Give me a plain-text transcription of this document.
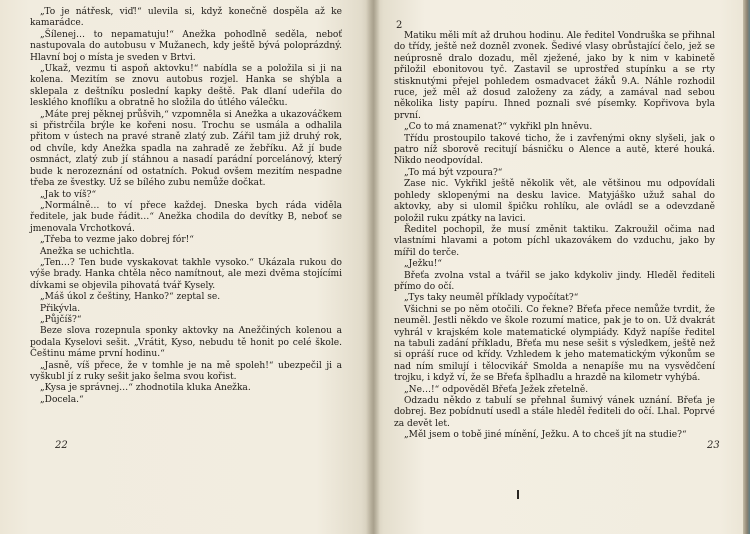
„To je nátřesk, viď!“ ulevila si, když konečně dospěla až ke kamarádce.

„Šílenej… to nepamatuju!“ Anežka pohodlně seděla, neboť nastupovala do autobusu v Mužanech, kdy ještě bývá poloprázdný. Hlavní boj o místa je sveden v Brtvi.

„Ukaž, vezmu ti aspoň aktovku!“ nabídla se a položila si ji na kolena. Mezitím se znovu autobus rozjel. Hanka se shýbla a sklepala z deštníku poslední kapky deště. Pak dlaní udeřila do lesklého knoflíku a obratně ho složila do útlého válečku.

„Máte prej pěknej průšvih,“ vzpomněla si Anežka a ukazováčkem si přistrčila brýle ke kořeni nosu. Trochu se usmála a odhalila přitom v ústech na pravé straně zlatý zub. Zářil tam již druhý rok, od chvíle, kdy Anežka spadla na zahradě ze žebříku. Až jí bude osmnáct, zlatý zub jí stáhnou a nasadí parádní porcelánový, který bude k nerozeznání od ostatních. Pokud ovšem mezitím nespadne třeba ze švestky. Už se bílého zubu nemůže dočkat.

„Jak to víš?“

„Normálně… to ví přece každej. Dneska bych ráda viděla ředitele, jak bude řádit…“ Anežka chodila do devítky B, neboť se jmenovala Vrchotková.

„Třeba to vezme jako dobrej fór!“

Anežka se uchichtla.

„Ten…? Ten bude vyskakovat takhle vysoko.“ Ukázala rukou do výše brady. Hanka chtěla něco namítnout, ale mezi dvěma stojícími dívkami se objevila pihovatá tvář Kysely.

„Máš úkol z češtiny, Hanko?“ zeptal se.

Přikývla.

„Půjčíš?“

Beze slova rozepnula sponky aktovky na Anežčiných kolenou a podala Kyselovi sešit. „Vrátit, Kyso, nebudu tě honit po celé škole. Češtinu máme první hodinu.“

„Jasně, víš přece, že v tomhle je na mě spoleh!“ ubezpečil ji a vyškubl jí z ruky sešit jako šelma svou kořist.

„Kysa je správnej…“ zhodnotila kluka Anežka.

„Docela.“

22
2

Matiku měli mít až druhou hodinu. Ale ředitel Vondruška se přihnal do třídy, ještě než dozněl zvonek. Šedivé vlasy obrůstající čelo, jež se neúprosně dralo dozadu, měl zježené, jako by k nim v kabinetě přiložil ebonitovou tyč. Zastavil se uprostřed stupínku a se rty stisknutými přejel pohledem osmadvacet žáků 9.A. Náhle rozhodil ruce, jež měl až dosud založeny za zády, a zamával nad sebou několika listy papíru. Ihned poznali své písemky. Kopřivova byla první.

„Co to má znamenat?“ vykřikl pln hněvu.

Třídu prostoupilo takové ticho, že i zavřenými okny slyšeli, jak o patro níž sborově recitují básničku o Alence a autě, které houká. Nikdo neodpovídal.

„To má být vzpoura?“

Zase nic. Vykřikl ještě několik vět, ale většinou mu odpovídali pohledy sklopenými na desku lavice. Matyjáško užuž sahal do aktovky, aby si ulomil špičku rohlíku, ale ovládl se a odevzdaně položil ruku zpátky na lavici.

Ředitel pochopil, že musí změnit taktiku. Zakroužil očima nad vlastními hlavami a potom píchl ukazovákem do vzduchu, jako by mířil do terče.

„Ježku!“

Břeťa zvolna vstal a tvářil se jako kdykoliv jindy. Hleděl řediteli přímo do očí.

„Tys taky neuměl příklady vypočítat?“

Všichni se po něm otočili. Co řekne? Břeťa přece nemůže tvrdit, že neuměl. Jestli někdo ve škole rozumí matice, pak je to on. Už dvakrát vyhrál v krajském kole matematické olympiády. Když napíše ředitel na tabuli zadání příkladu, Břeťa mu nese sešit s výsledkem, ještě než si opráší ruce od křídy. Vzhledem k jeho matematickým výkonům se nad ním smilují i tělocvikář Smolda a nenapíše mu na vysvědčení trojku, i když ví, že se Břeťa šplhadlu a hrazdě na kilometr vyhýbá.

„Ne…!“ odpověděl Břeťa Ježek zřetelně.

Odzadu někdo z tabulí se přehnal šumivý vánek uznání. Břeťa je dobrej. Bez pobídnutí usedl a stále hleděl řediteli do očí. Lhal. Poprvé za devět let.

„Měl jsem o tobě jiné mínění, Ježku. A to chceš jít na studie?“

23
